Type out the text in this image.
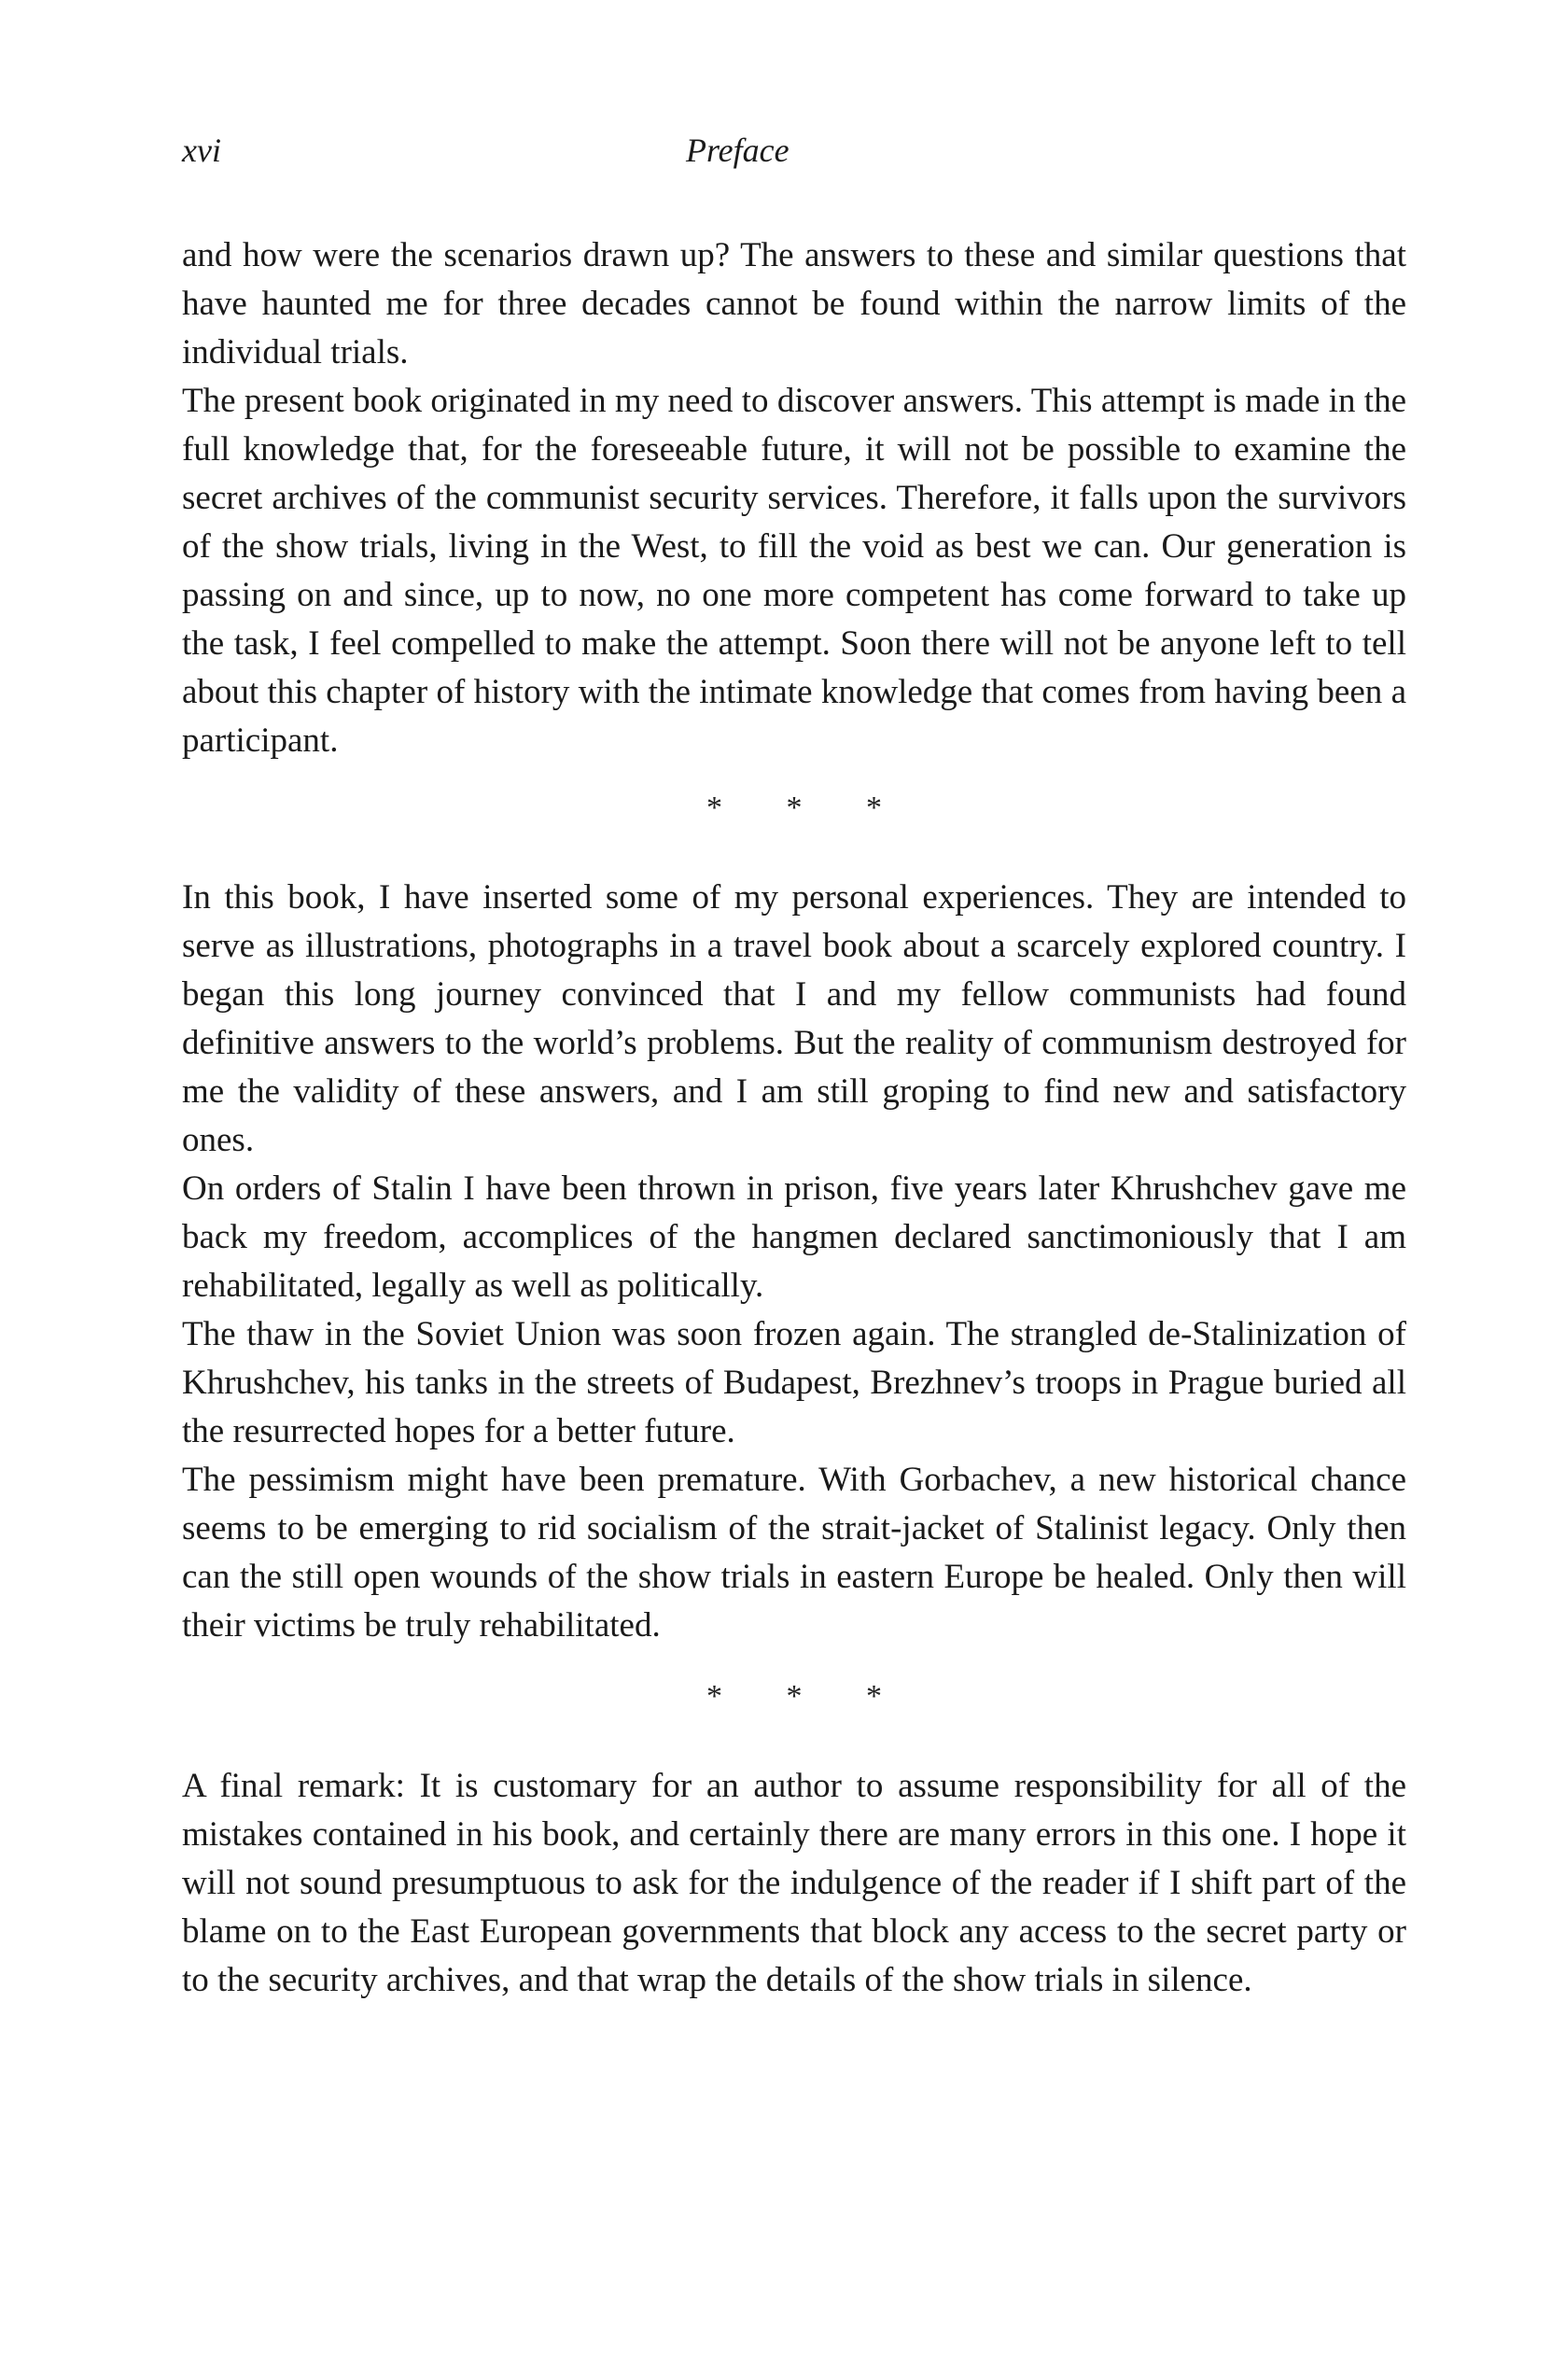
xvi	Preface

and how were the scenarios drawn up? The answers to these and similar questions that have haunted me for three decades cannot be found within the narrow limits of the individual trials.

The present book originated in my need to discover answers. This attempt is made in the full knowledge that, for the foreseeable future, it will not be possible to examine the secret archives of the communist security services. Therefore, it falls upon the survivors of the show trials, living in the West, to fill the void as best we can. Our generation is passing on and since, up to now, no one more competent has come forward to take up the task, I feel compelled to make the attempt. Soon there will not be anyone left to tell about this chapter of history with the intimate knowledge that comes from having been a participant.

* * *

In this book, I have inserted some of my personal experiences. They are intended to serve as illustrations, photographs in a travel book about a scarcely explored country. I began this long journey convinced that I and my fellow communists had found definitive answers to the world’s problems. But the reality of communism destroyed for me the validity of these answers, and I am still groping to find new and satisfactory ones.

On orders of Stalin I have been thrown in prison, five years later Khrushchev gave me back my freedom, accomplices of the hangmen declared sanctimoniously that I am rehabilitated, legally as well as politically.

The thaw in the Soviet Union was soon frozen again. The strangled de-Stalinization of Khrushchev, his tanks in the streets of Budapest, Brezhnev’s troops in Prague buried all the resurrected hopes for a better future.

The pessimism might have been premature. With Gorbachev, a new historical chance seems to be emerging to rid socialism of the strait-jacket of Stalinist legacy. Only then can the still open wounds of the show trials in eastern Europe be healed. Only then will their victims be truly rehabilitated.

* * *

A final remark: It is customary for an author to assume responsibility for all of the mistakes contained in his book, and certainly there are many errors in this one. I hope it will not sound presumptuous to ask for the indulgence of the reader if I shift part of the blame on to the East European governments that block any access to the secret party or to the security archives, and that wrap the details of the show trials in silence.
